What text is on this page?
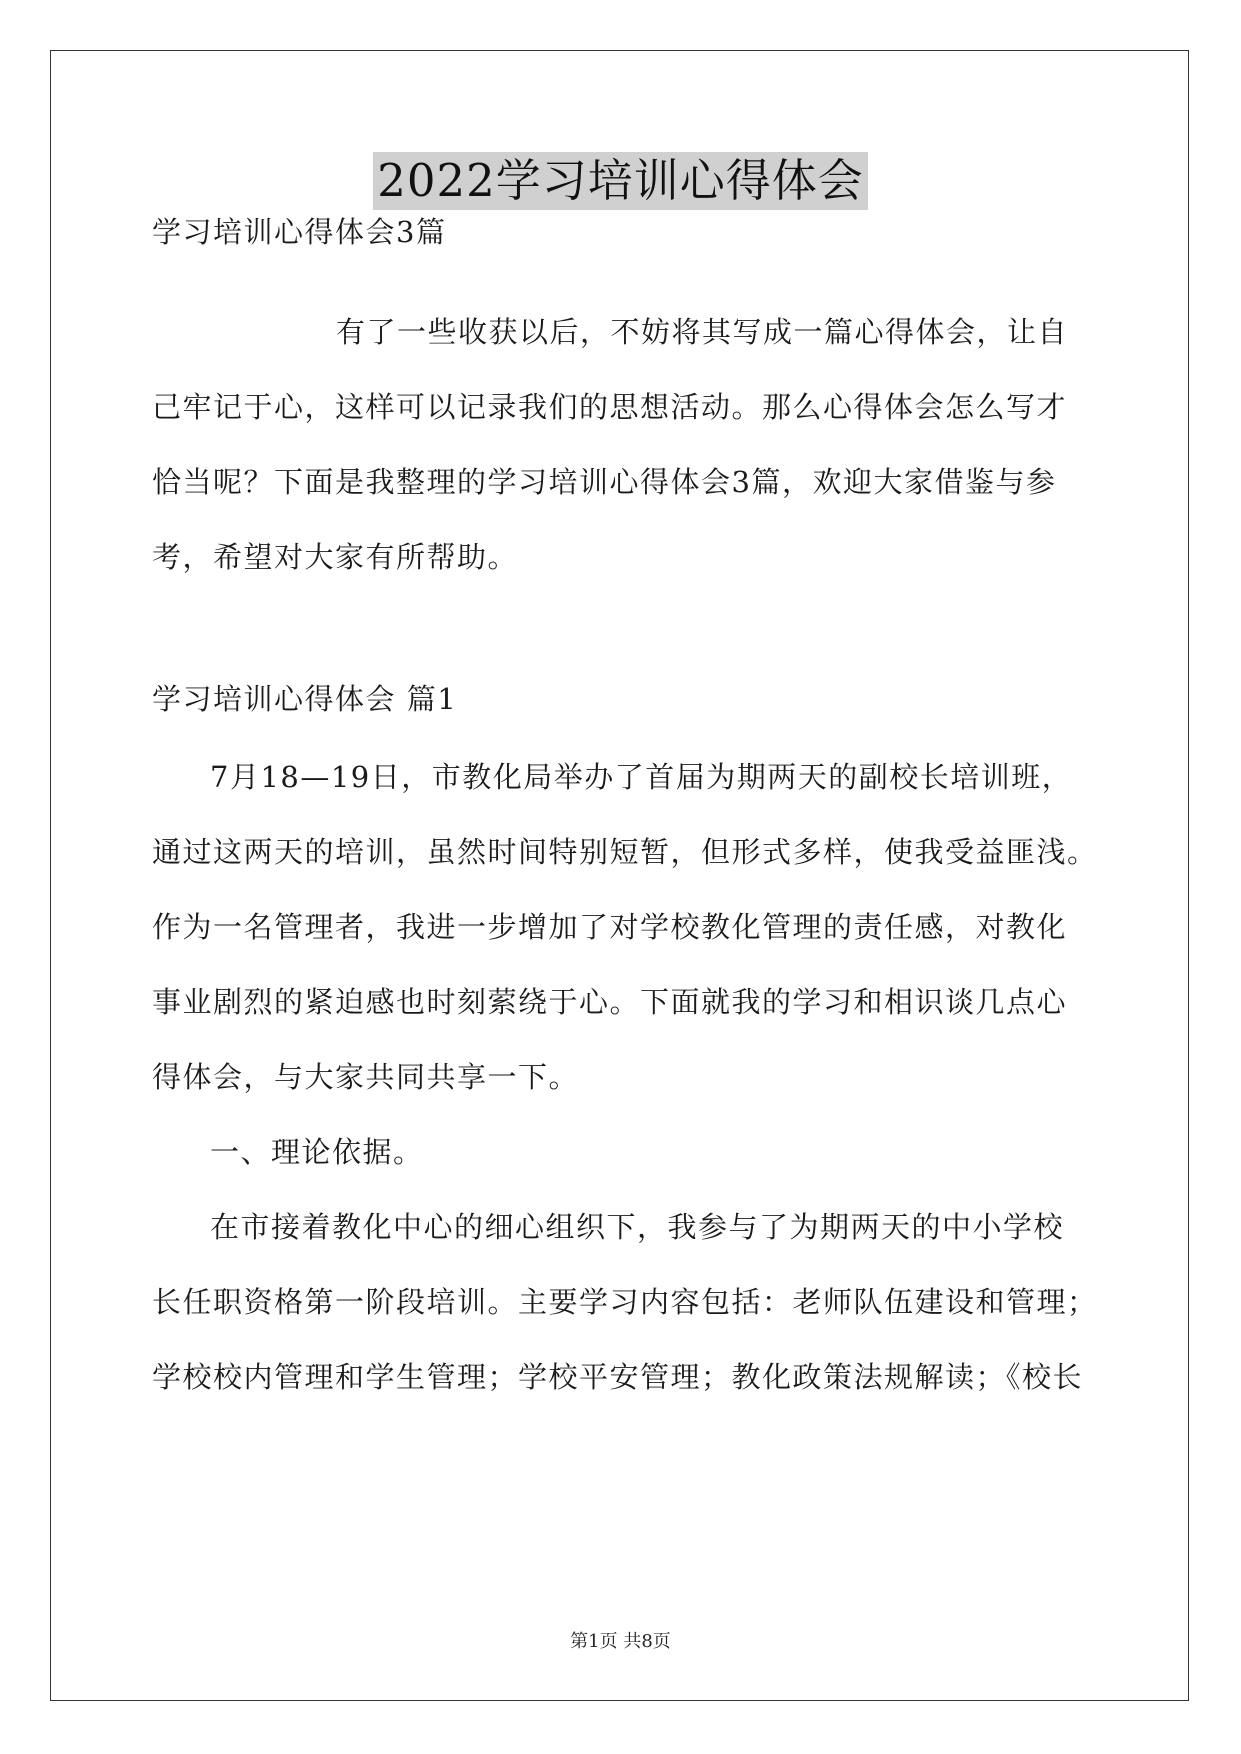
2022学习培训心得体会
学习培训心得体会3篇
有了一些收获以后，不妨将其写成一篇心得体会，让自
己牢记于心，这样可以记录我们的思想活动。那么心得体会怎么写才
恰当呢？下面是我整理的学习培训心得体会3篇，欢迎大家借鉴与参
考，希望对大家有所帮助。
学习培训心得体会 篇1
7月18—19日，市教化局举办了首届为期两天的副校长培训班，
通过这两天的培训，虽然时间特别短暂，但形式多样，使我受益匪浅。
作为一名管理者，我进一步增加了对学校教化管理的责任感，对教化
事业剧烈的紧迫感也时刻萦绕于心。下面就我的学习和相识谈几点心
得体会，与大家共同共享一下。
一、理论依据。
在市接着教化中心的细心组织下，我参与了为期两天的中小学校
长任职资格第一阶段培训。主要学习内容包括：老师队伍建设和管理；
学校校内管理和学生管理；学校平安管理；教化政策法规解读；《校长
第1页 共8页
